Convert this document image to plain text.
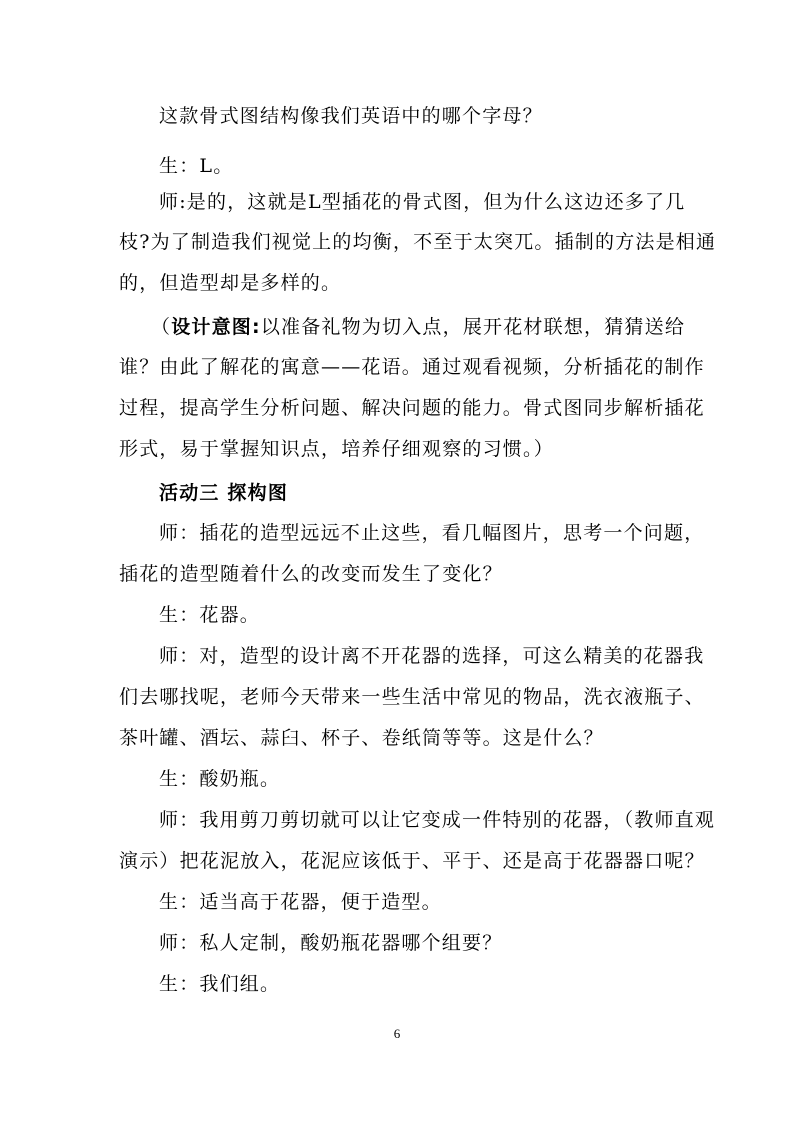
这款骨式图结构像我们英语中的哪个字母？
生：L。
师:是的，这就是L型插花的骨式图，但为什么这边还多了几
枝?为了制造我们视觉上的均衡，不至于太突兀。插制的方法是相通
的，但造型却是多样的。
（设计意图:以准备礼物为切入点，展开花材联想，猜猜送给
谁？由此了解花的寓意——花语。通过观看视频，分析插花的制作
过程，提高学生分析问题、解决问题的能力。骨式图同步解析插花
形式，易于掌握知识点，培养仔细观察的习惯。）
活动三 探构图
师：插花的造型远远不止这些，看几幅图片，思考一个问题，
插花的造型随着什么的改变而发生了变化？
生：花器。
师：对，造型的设计离不开花器的选择，可这么精美的花器我
们去哪找呢，老师今天带来一些生活中常见的物品，洗衣液瓶子、
茶叶罐、酒坛、蒜臼、杯子、卷纸筒等等。这是什么？
生：酸奶瓶。
师：我用剪刀剪切就可以让它变成一件特别的花器，（教师直观
演示）把花泥放入，花泥应该低于、平于、还是高于花器器口呢？
生：适当高于花器，便于造型。
师：私人定制，酸奶瓶花器哪个组要？
生：我们组。
6
